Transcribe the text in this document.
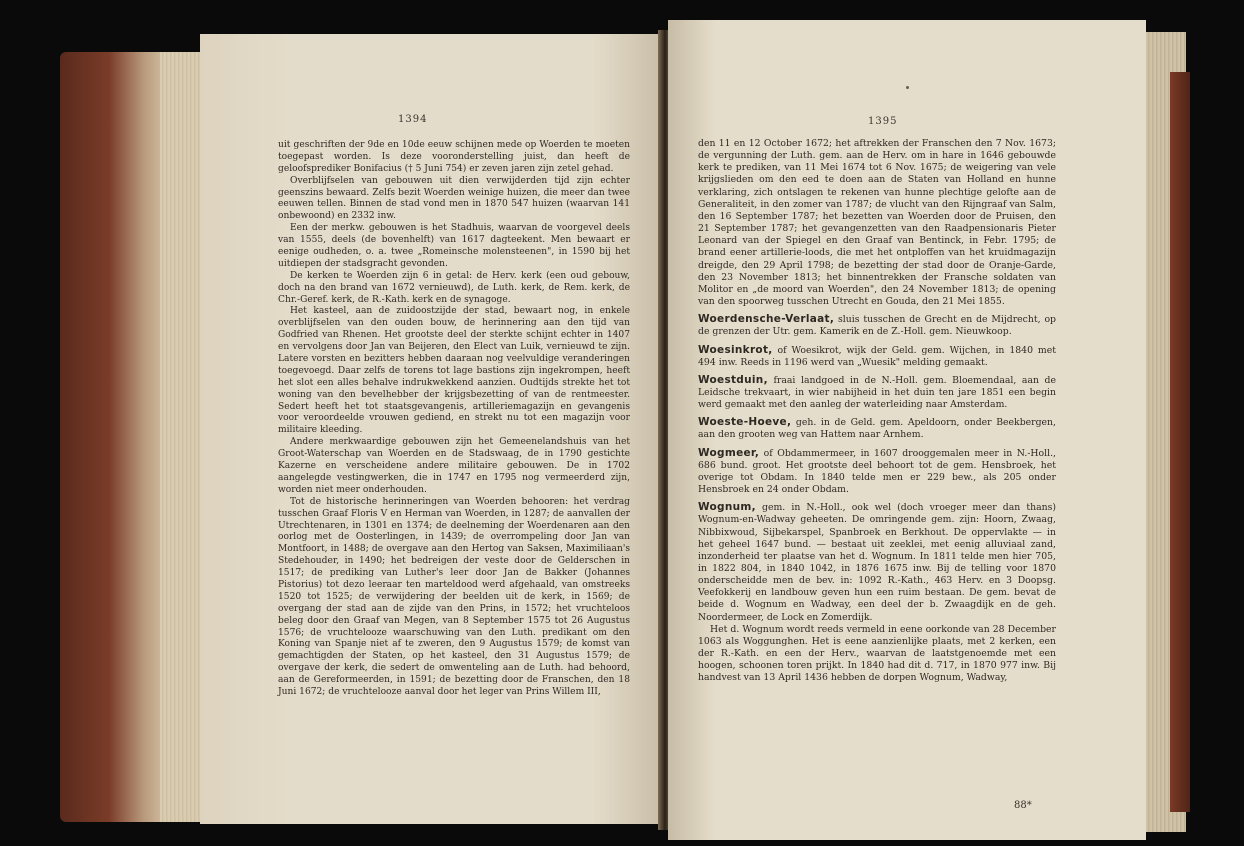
1394

uit geschriften der 9de en 10de eeuw schijnen mede op Woerden te moeten toegepast worden. Is deze vooronderstelling juist, dan heeft de geloofsprediker Bonifacius († 5 Juni 754) er zeven jaren zijn zetel gehad.

Overblijfselen van gebouwen uit dien verwijderden tijd zijn echter geenszins bewaard. Zelfs bezit Woerden weinige huizen, die meer dan twee eeuwen tellen. Binnen de stad vond men in 1870 547 huizen (waarvan 141 onbewoond) en 2332 inw.

Een der merkw. gebouwen is het Stadhuis, waarvan de voorgevel deels van 1555, deels (de bovenhelft) van 1617 dagteekent. Men bewaart er eenige oudheden, o. a. twee „Romeinsche molensteenen", in 1590 bij het uitdiepen der stadsgracht gevonden.

De kerken te Woerden zijn 6 in getal: de Herv. kerk (een oud gebouw, doch na den brand van 1672 vernieuwd), de Luth. kerk, de Rem. kerk, de Chr.-Geref. kerk, de R.-Kath. kerk en de synagoge.

Het kasteel, aan de zuidoostzijde der stad, bewaart nog, in enkele overblijfselen van den ouden bouw, de herinnering aan den tijd van Godfried van Rhenen. Het grootste deel der sterkte schijnt echter in 1407 en vervolgens door Jan van Beijeren, den Elect van Luik, vernieuwd te zijn. Latere vorsten en bezitters hebben daaraan nog veelvuldige veranderingen toegevoegd. Daar zelfs de torens tot lage bastions zijn ingekrompen, heeft het slot een alles behalve indrukwekkend aanzien. Oudtijds strekte het tot woning van den bevelhebber der krijgsbezetting of van de rentmeester. Sedert heeft het tot staatsgevangenis, artilleriemagazijn en gevangenis voor veroordeelde vrouwen gediend, en strekt nu tot een magazijn voor militaire kleeding.

Andere merkwaardige gebouwen zijn het Gemeenelandshuis van het Groot-Waterschap van Woerden en de Stadswaag, de in 1790 gestichte Kazerne en verscheidene andere militaire gebouwen. De in 1702 aangelegde vestingwerken, die in 1747 en 1795 nog vermeerderd zijn, worden niet meer onderhouden.

Tot de historische herinneringen van Woerden behooren: het verdrag tusschen Graaf Floris V en Herman van Woerden, in 1287; de aanvallen der Utrechtenaren, in 1301 en 1374; de deelneming der Woerdenaren aan den oorlog met de Oosterlingen, in 1439; de overrompeling door Jan van Montfoort, in 1488; de overgave aan den Hertog van Saksen, Maximiliaan's Stedehouder, in 1490; het bedreigen der veste door de Gelderschen in 1517; de prediking van Luther's leer door Jan de Bakker (Johannes Pistorius) tot dezo leeraar ten marteldood werd afgehaald, van omstreeks 1520 tot 1525; de verwijdering der beelden uit de kerk, in 1569; de overgang der stad aan de zijde van den Prins, in 1572; het vruchteloos beleg door den Graaf van Megen, van 8 September 1575 tot 26 Augustus 1576; de vruchtelooze waarschuwing van den Luth. predikant om den Koning van Spanje niet af te zweren, den 9 Augustus 1579; de komst van gemachtigden der Staten, op het kasteel, den 31 Augustus 1579; de overgave der kerk, die sedert de omwenteling aan de Luth. had behoord, aan de Gereformeerden, in 1591; de bezetting door de Franschen, den 18 Juni 1672; de vruchtelooze aanval door het leger van Prins Willem III,

1395

den 11 en 12 October 1672; het aftrekken der Franschen den 7 Nov. 1673; de vergunning der Luth. gem. aan de Herv. om in hare in 1646 gebouwde kerk te prediken, van 11 Mei 1674 tot 6 Nov. 1675; de weigering van vele krijgslieden om den eed te doen aan de Staten van Holland en hunne verklaring, zich ontslagen te rekenen van hunne plechtige gelofte aan de Generaliteit, in den zomer van 1787; de vlucht van den Rijngraaf van Salm, den 16 September 1787; het bezetten van Woerden door de Pruisen, den 21 September 1787; het gevangenzetten van den Raadpensionaris Pieter Leonard van der Spiegel en den Graaf van Bentinck, in Febr. 1795; de brand eener artillerie-loods, die met het ontploffen van het kruidmagazijn dreigde, den 29 April 1798; de bezetting der stad door de Oranje-Garde, den 23 November 1813; het binnentrekken der Fransche soldaten van Molitor en „de moord van Woerden", den 24 November 1813; de opening van den spoorweg tusschen Utrecht en Gouda, den 21 Mei 1855.

Woerdensche-Verlaat, sluis tusschen de Grecht en de Mijdrecht, op de grenzen der Utr. gem. Kamerik en de Z.-Holl. gem. Nieuwkoop.

Woesinkrot, of Woesikrot, wijk der Geld. gem. Wijchen, in 1840 met 494 inw. Reeds in 1196 werd van „Wuesik" melding gemaakt.

Woestduin, fraai landgoed in de N.-Holl. gem. Bloemendaal, aan de Leidsche trekvaart, in wier nabijheid in het duin ten jare 1851 een begin werd gemaakt met den aanleg der waterleiding naar Amsterdam.

Woeste-Hoeve, geh. in de Geld. gem. Apeldoorn, onder Beekbergen, aan den grooten weg van Hattem naar Arnhem.

Wogmeer, of Obdammermeer, in 1607 drooggemalen meer in N.-Holl., 686 bund. groot. Het grootste deel behoort tot de gem. Hensbroek, het overige tot Obdam. In 1840 telde men er 229 bew., als 205 onder Hensbroek en 24 onder Obdam.

Wognum, gem. in N.-Holl., ook wel (doch vroeger meer dan thans) Wognum-en-Wadway geheeten. De omringende gem. zijn: Hoorn, Zwaag, Nibbixwoud, Sijbekarspel, Spanbroek en Berkhout. De oppervlakte — in het geheel 1647 bund. — bestaat uit zeeklei, met eenig alluviaal zand, inzonderheid ter plaatse van het d. Wognum. In 1811 telde men hier 705, in 1822 804, in 1840 1042, in 1876 1675 inw. Bij de telling voor 1870 onderscheidde men de bev. in: 1092 R.-Kath., 463 Herv. en 3 Doopsg. Veefokkerij en landbouw geven hun een ruim bestaan. De gem. bevat de beide d. Wognum en Wadway, een deel der b. Zwaagdijk en de geh. Noordermeer, de Lock en Zomerdijk.

Het d. Wognum wordt reeds vermeld in eene oorkonde van 28 December 1063 als Woggunghen. Het is eene aanzienlijke plaats, met 2 kerken, een der R.-Kath. en een der Herv., waarvan de laatstgenoemde met een hoogen, schoonen toren prijkt. In 1840 had dit d. 717, in 1870 977 inw. Bij handvest van 13 April 1436 hebben de dorpen Wognum, Wadway,

88*
